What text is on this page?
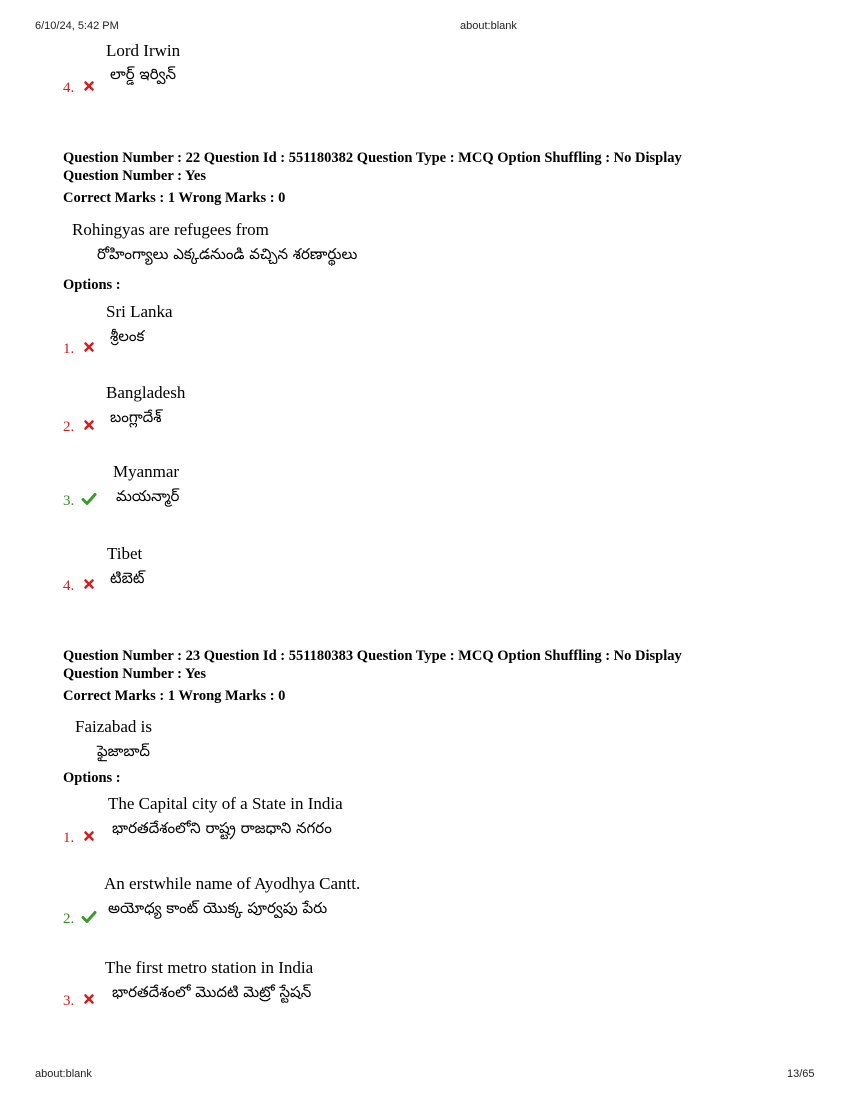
6/10/24, 5:42 PM	about:blank
Lord Irwin
లార్డ్ ఇర్విన్
4.
Question Number : 22 Question Id : 551180382 Question Type : MCQ Option Shuffling : No Display
Question Number : Yes
Correct Marks : 1 Wrong Marks : 0
Rohingyas are refugees from
రోహింగ్యాలు ఎక్కడనుండి వచ్చిన శరణార్థులు
Options :
Sri Lanka
శ్రీలంక
1.
Bangladesh
బంగ్లాదేశ్
2.
Myanmar
మయన్మార్
3.
Tibet
టిబెట్
4.
Question Number : 23 Question Id : 551180383 Question Type : MCQ Option Shuffling : No Display
Question Number : Yes
Correct Marks : 1 Wrong Marks : 0
Faizabad is
ఫైజాబాద్
Options :
The Capital city of a State in India
భారతదేశంలోని రాష్ట్ర రాజధాని నగరం
1.
An erstwhile name of Ayodhya Cantt.
అయోధ్య కాంట్ యొక్క పూర్వపు పేరు
2.
The first metro station in India
భారతదేశంలో మొదటి మెట్రో స్టేషన్
3.
about:blank	13/65
